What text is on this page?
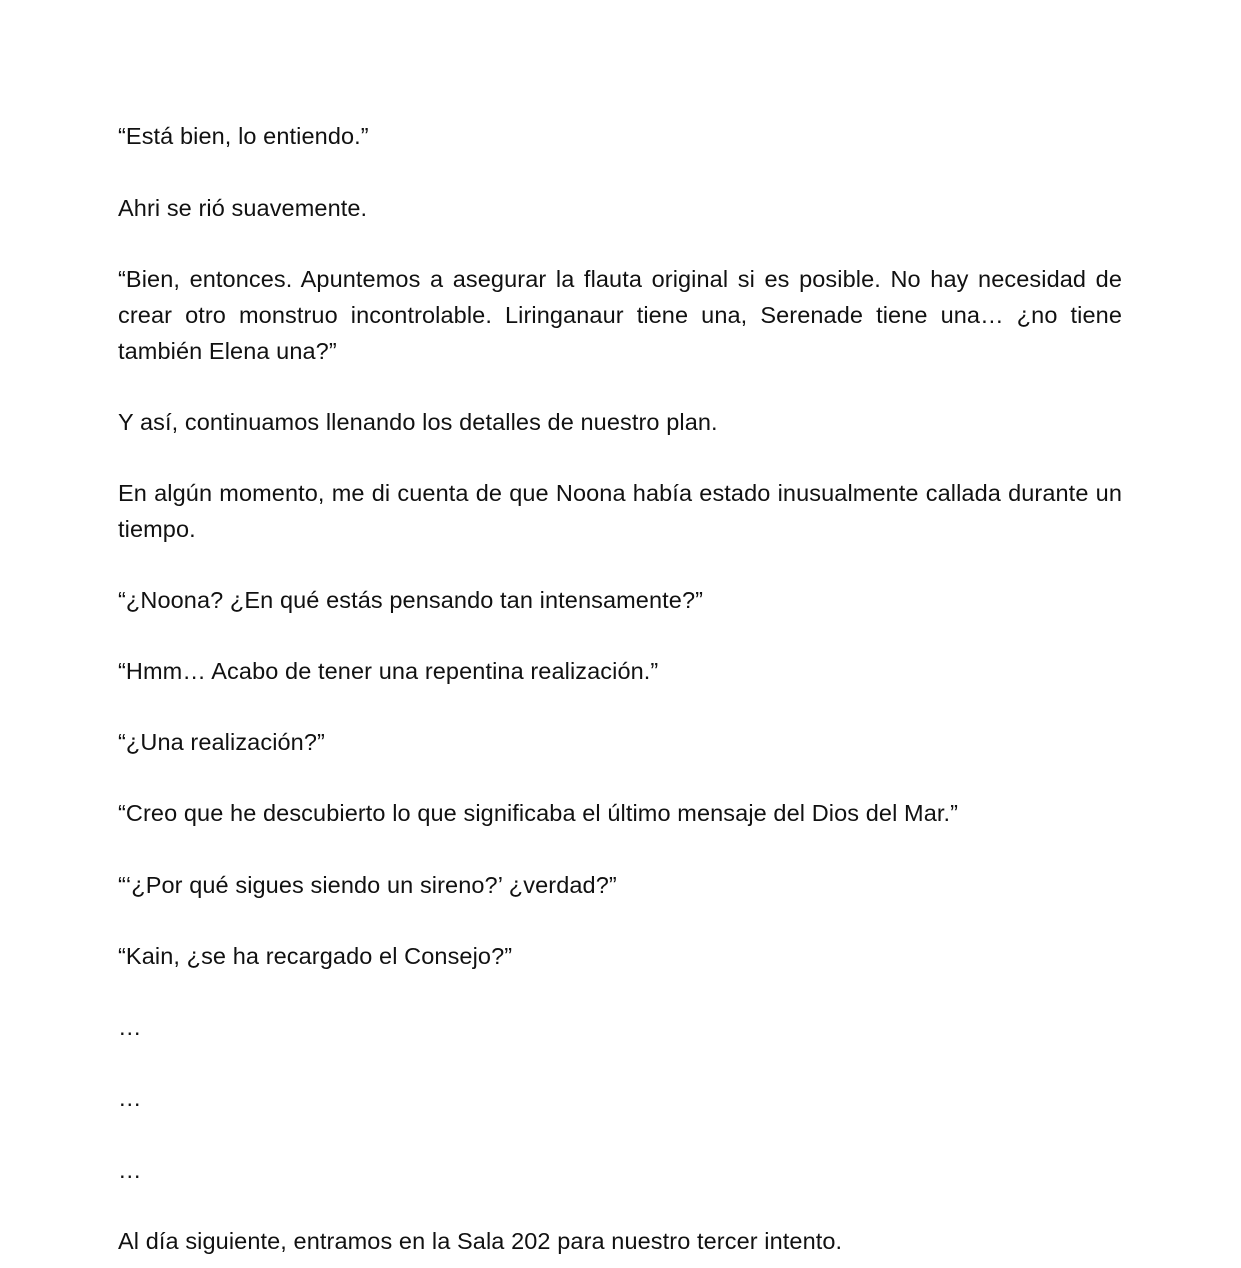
“Está bien, lo entiendo.”

Ahri se rió suavemente.

“Bien, entonces. Apuntemos a asegurar la flauta original si es posible. No hay necesidad de crear otro monstruo incontrolable. Liringanaur tiene una, Serenade tiene una… ¿no tiene también Elena una?”

Y así, continuamos llenando los detalles de nuestro plan.

En algún momento, me di cuenta de que Noona había estado inusualmente callada durante un tiempo.

“¿Noona? ¿En qué estás pensando tan intensamente?”

“Hmm… Acabo de tener una repentina realización.”

“¿Una realización?”

“Creo que he descubierto lo que significaba el último mensaje del Dios del Mar.”

“‘¿Por qué sigues siendo un sireno?’ ¿verdad?”

“Kain, ¿se ha recargado el Consejo?”

…

…

…

Al día siguiente, entramos en la Sala 202 para nuestro tercer intento.
